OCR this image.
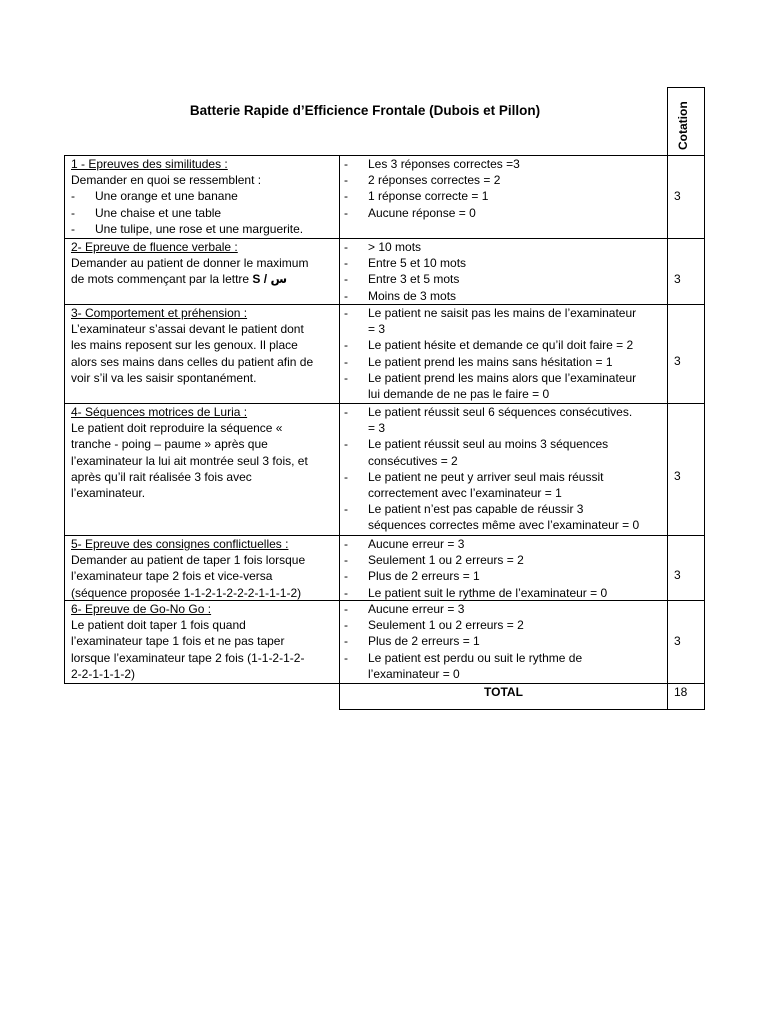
Batterie Rapide d’Efficience Frontale (Dubois et Pillon)	Cotation
1 - Epreuves des similitudes :
Demander en quoi se ressemblent :
- Une orange et une banane
- Une chaise et une table
- Une tulipe, une rose et une marguerite.
- Les 3 réponses correctes =3
- 2 réponses correctes = 2
- 1 réponse correcte = 1
- Aucune réponse = 0
3
2- Epreuve de fluence verbale :
Demander au patient de donner le maximum
de mots commençant par la lettre S / س
- > 10 mots
- Entre 5 et 10 mots
- Entre 3 et 5 mots
- Moins de 3 mots
3
3- Comportement et préhension :
L’examinateur s’assai devant le patient dont
les mains reposent sur les genoux. Il place
alors ses mains dans celles du patient afin de
voir s’il va les saisir spontanément.
- Le patient ne saisit pas les mains de l’examinateur
= 3
- Le patient hésite et demande ce qu’il doit faire = 2
- Le patient prend les mains sans hésitation = 1
- Le patient prend les mains alors que l’examinateur
lui demande de ne pas le faire = 0
3
4- Séquences motrices de Luria :
Le patient doit reproduire la séquence «
tranche - poing – paume » après que
l’examinateur la lui ait montrée seul 3 fois, et
après qu’il rait réalisée 3 fois avec
l’examinateur.
- Le patient réussit seul 6 séquences consécutives.
= 3
- Le patient réussit seul au moins 3 séquences
consécutives = 2
- Le patient ne peut y arriver seul mais réussit
correctement avec l’examinateur = 1
- Le patient n’est pas capable de réussir 3
séquences correctes même avec l’examinateur = 0
3
5- Epreuve des consignes conflictuelles :
Demander au patient de taper 1 fois lorsque
l’examinateur tape 2 fois et vice-versa
(séquence proposée 1-1-2-1-2-2-2-1-1-1-2)
- Aucune erreur = 3
- Seulement 1 ou 2 erreurs = 2
- Plus de 2 erreurs = 1
- Le patient suit le rythme de l’examinateur = 0
3
6- Epreuve de Go-No Go :
Le patient doit taper 1 fois quand
l’examinateur tape 1 fois et ne pas taper
lorsque l’examinateur tape 2 fois (1-1-2-1-2-
2-2-1-1-1-2)
- Aucune erreur = 3
- Seulement 1 ou 2 erreurs = 2
- Plus de 2 erreurs = 1
- Le patient est perdu ou suit le rythme de
l’examinateur = 0
3
TOTAL	18
